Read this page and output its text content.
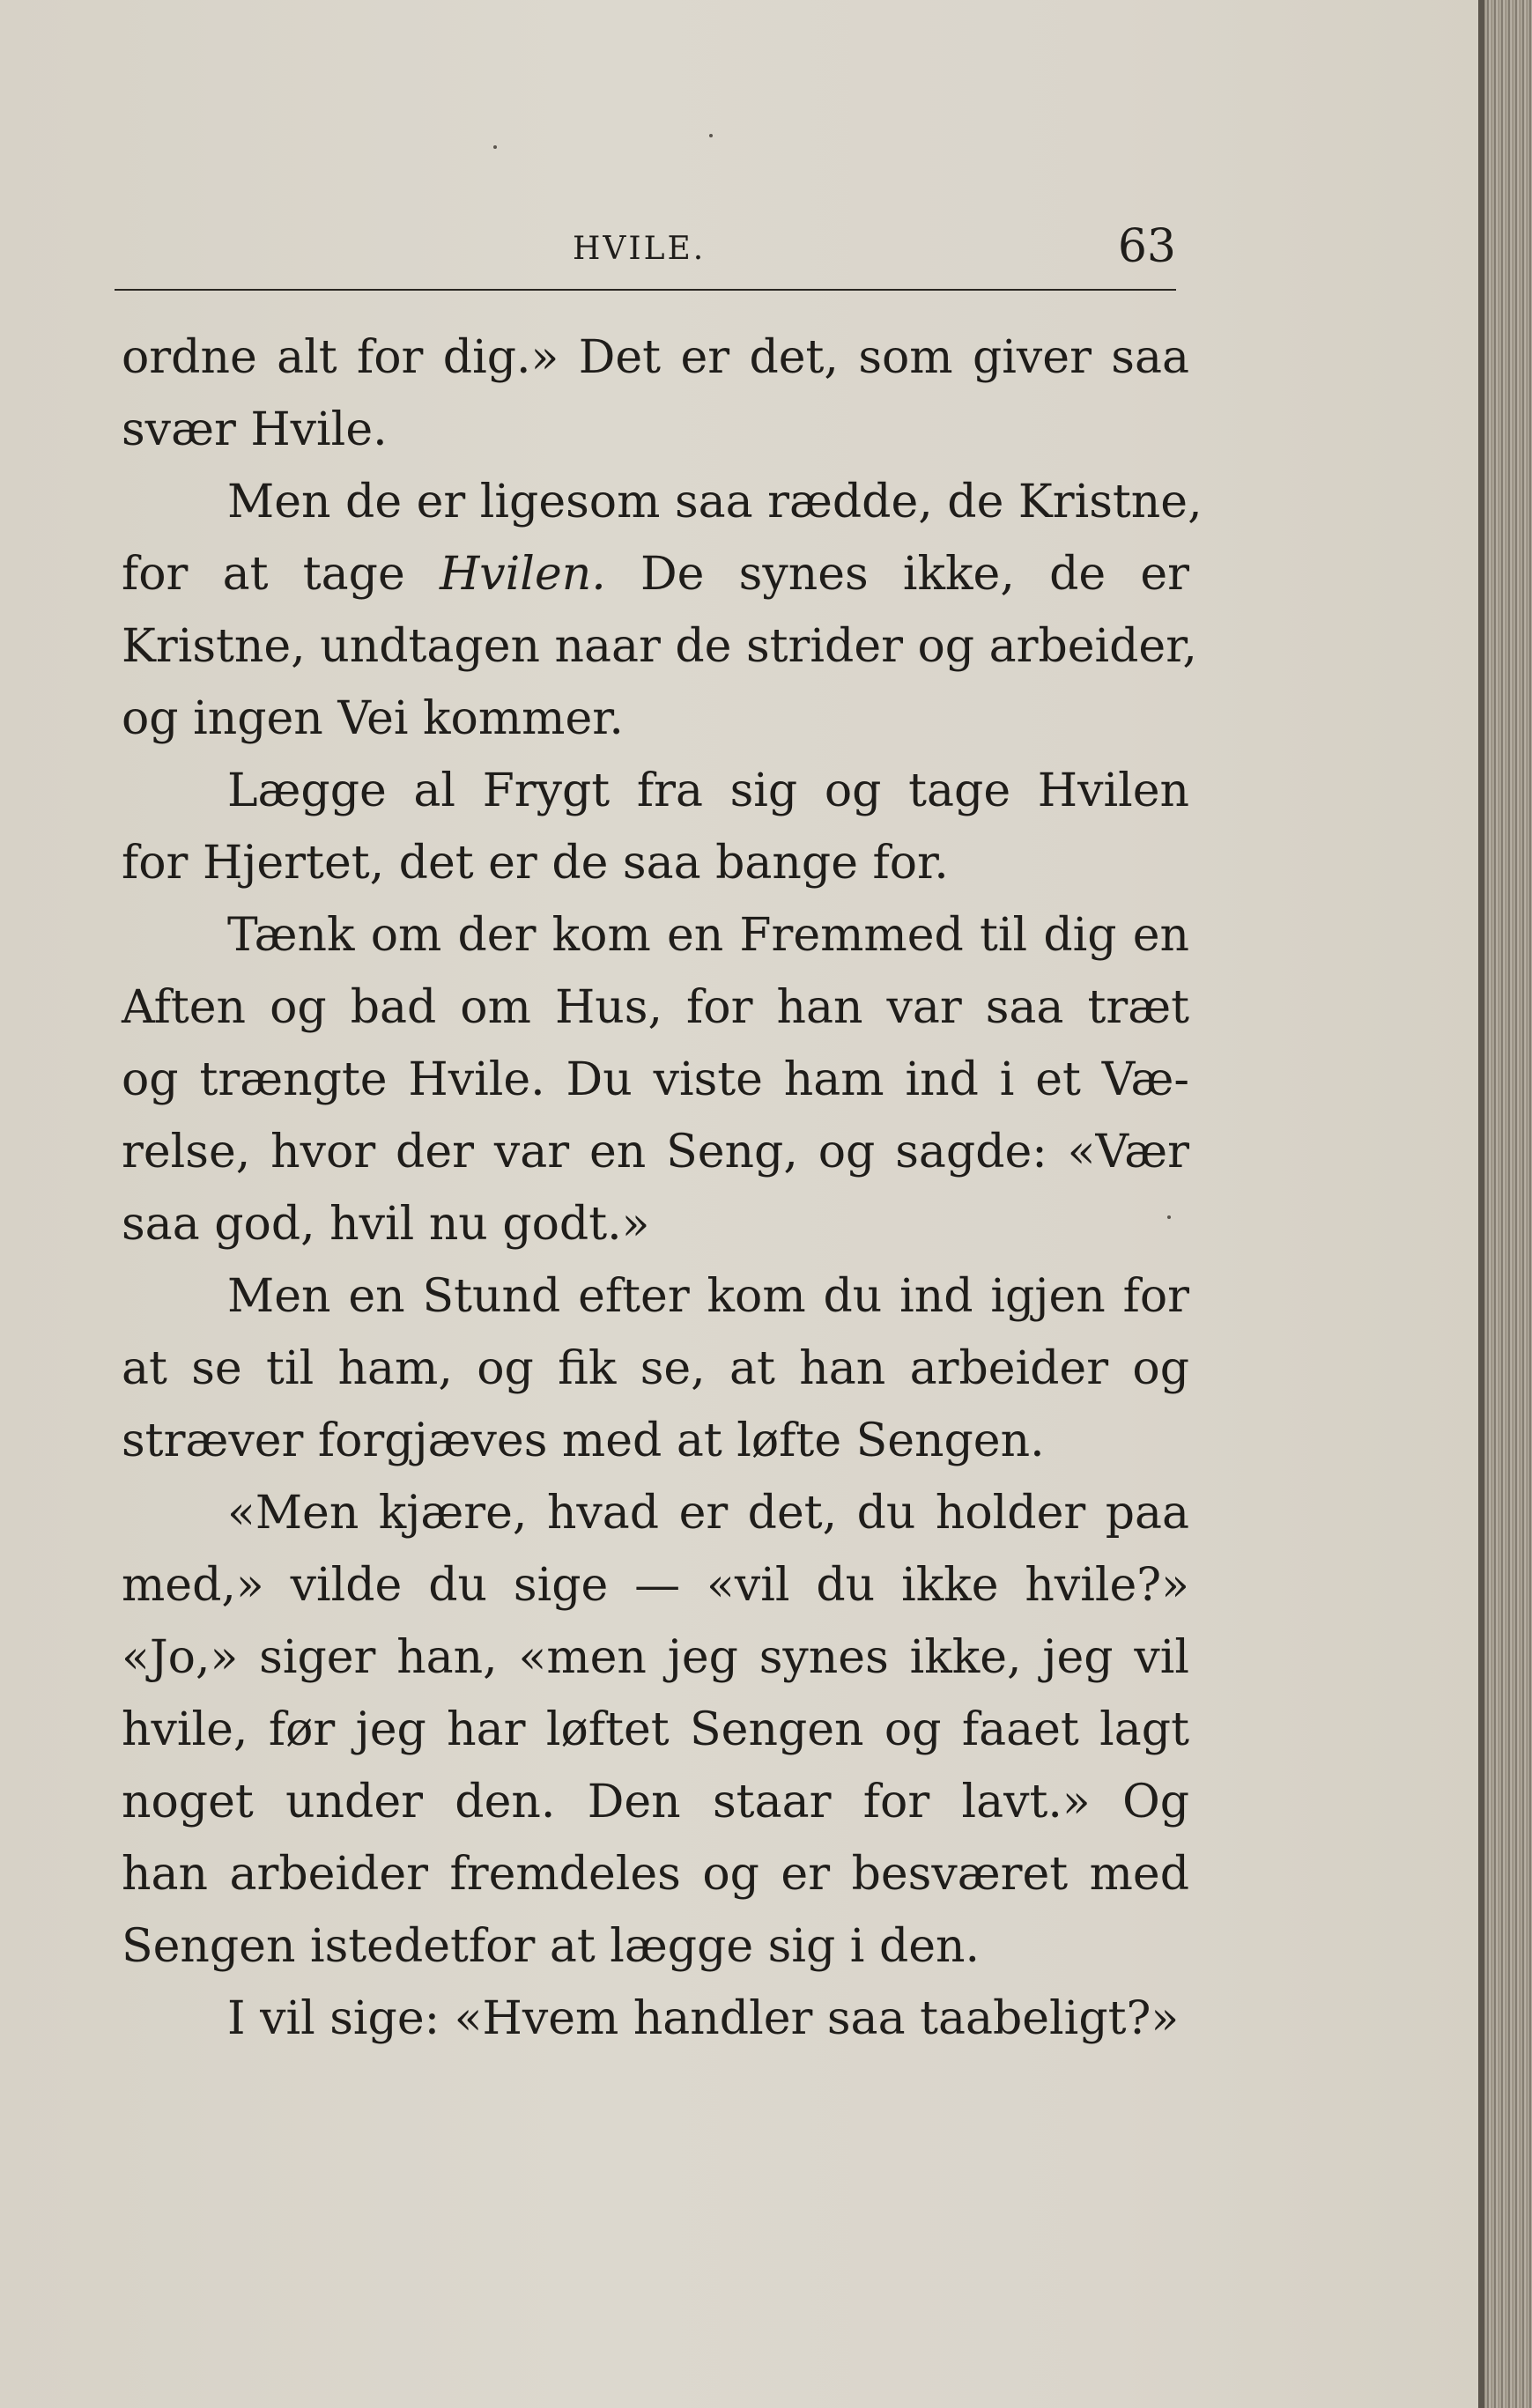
HVILE.	63
ordne alt for dig.» Det er det, som giver saa
svær Hvile.
Men de er ligesom saa rædde, de Kristne,
for at tage Hvilen. De synes ikke, de er
Kristne, undtagen naar de strider og arbeider,
og ingen Vei kommer.
Lægge al Frygt fra sig og tage Hvilen
for Hjertet, det er de saa bange for.
Tænk om der kom en Fremmed til dig en
Aften og bad om Hus, for han var saa træt
og trængte Hvile. Du viste ham ind i et Væ-
relse, hvor der var en Seng, og sagde: «Vær
saa god, hvil nu godt.»
Men en Stund efter kom du ind igjen for
at se til ham, og fik se, at han arbeider og
stræver forgjæves med at løfte Sengen.
«Men kjære, hvad er det, du holder paa
med,» vilde du sige — «vil du ikke hvile?»
«Jo,» siger han, «men jeg synes ikke, jeg vil
hvile, før jeg har løftet Sengen og faaet lagt
noget under den. Den staar for lavt.» Og
han arbeider fremdeles og er besværet med
Sengen istedetfor at lægge sig i den.
I vil sige: «Hvem handler saa taabeligt?»
